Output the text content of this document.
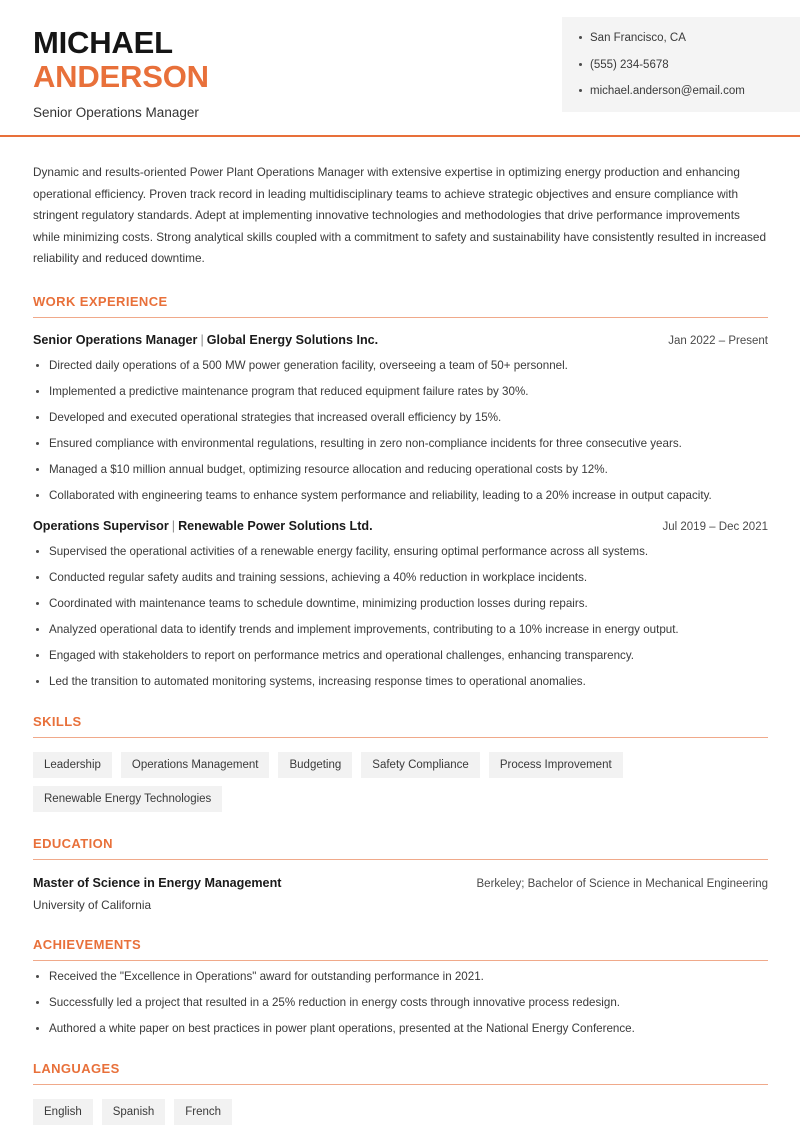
San Francisco, CA
(555) 234-5678
michael.anderson@email.com
MICHAEL
ANDERSON
Senior Operations Manager

Dynamic and results-oriented Power Plant Operations Manager with extensive expertise in optimizing energy production and enhancing operational efficiency. Proven track record in leading multidisciplinary teams to achieve strategic objectives and ensure compliance with stringent regulatory standards. Adept at implementing innovative technologies and methodologies that drive performance improvements while minimizing costs. Strong analytical skills coupled with a commitment to safety and sustainability have consistently resulted in increased reliability and reduced downtime.

WORK EXPERIENCE
Senior Operations Manager | Global Energy Solutions Inc.	Jan 2022 – Present
Directed daily operations of a 500 MW power generation facility, overseeing a team of 50+ personnel.
Implemented a predictive maintenance program that reduced equipment failure rates by 30%.
Developed and executed operational strategies that increased overall efficiency by 15%.
Ensured compliance with environmental regulations, resulting in zero non-compliance incidents for three consecutive years.
Managed a $10 million annual budget, optimizing resource allocation and reducing operational costs by 12%.
Collaborated with engineering teams to enhance system performance and reliability, leading to a 20% increase in output capacity.
Operations Supervisor | Renewable Power Solutions Ltd.	Jul 2019 – Dec 2021
Supervised the operational activities of a renewable energy facility, ensuring optimal performance across all systems.
Conducted regular safety audits and training sessions, achieving a 40% reduction in workplace incidents.
Coordinated with maintenance teams to schedule downtime, minimizing production losses during repairs.
Analyzed operational data to identify trends and implement improvements, contributing to a 10% increase in energy output.
Engaged with stakeholders to report on performance metrics and operational challenges, enhancing transparency.
Led the transition to automated monitoring systems, increasing response times to operational anomalies.
SKILLS
Leadership	Operations Management	Budgeting	Safety Compliance	Process Improvement
Renewable Energy Technologies
EDUCATION
Master of Science in Energy Management	Berkeley; Bachelor of Science in Mechanical Engineering
University of California
ACHIEVEMENTS
Received the "Excellence in Operations" award for outstanding performance in 2021.
Successfully led a project that resulted in a 25% reduction in energy costs through innovative process redesign.
Authored a white paper on best practices in power plant operations, presented at the National Energy Conference.
LANGUAGES
English	Spanish	French
